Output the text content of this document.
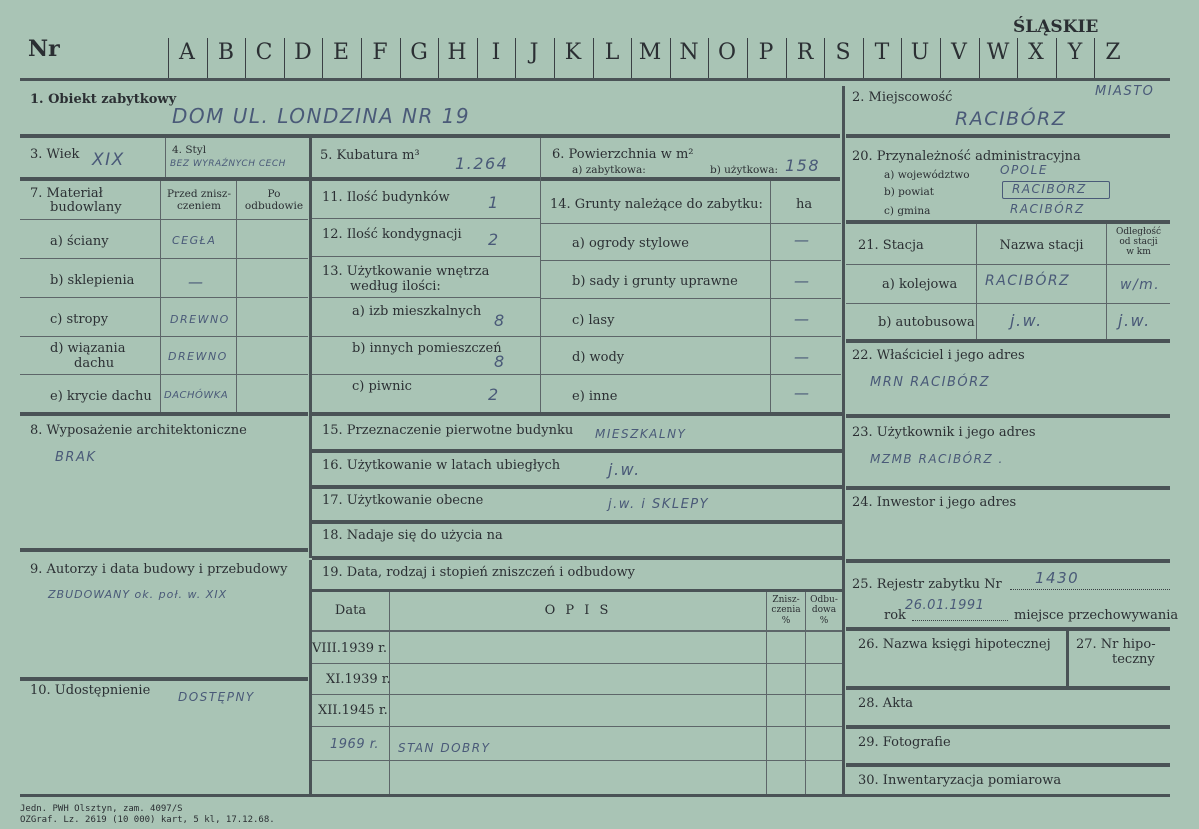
Nr
ŚLĄSKIE
A	B C D E	F	G H	I	J	K	L M N O	P	R	S	T U V W X	Y	Z
1. Obiekt zabytkowy
DOM UL. LONDZINA NR 19
2. Miejscowość	MIASTO
RACIBÓRZ
3. Wiek XIX	4. Styl
BEZ WYRAŹNYCH CECH
5. Kubatura m³ 1.264	6. Powierzchnia w m²
a) zabytkowa:	b) użytkowa: 158 20. Przynależność administracyjna
a) województwo	OPOLE
b) powiat	RACIBÓRZ
c) gmina	RACIBÓRZ
7. Materiał
budowlany
Przed znisz-
czeniem
Po
odbudowie
a) ściany	CEGŁA
b) sklepienia	—
c) stropy	DREWNO
d) wiązania
dachu	DREWNO
e) krycie dachu DACHÓWKA
11. Ilość budynków 1
12. Ilość kondygnacji 2
13. Użytkowanie wnętrza
według ilości:
a) izb mieszkalnych 8
b) innych pomieszczeń
8
c) piwnic	2
14. Grunty należące do zabytku:	ha
a) ogrody stylowe	—
b) sady i grunty uprawne	—
c) lasy	—
d) wody	—
e) inne	—
21. Stacja	Nazwa stacji
Odległość
od stacji
w km
a) kolejowa RACIBÓRZ	w/m.
b) autobusowa j.w.	j.w.
22. Właściciel i jego adres
MRN RACIBÓRZ
8. Wyposażenie architektoniczne
BRAK
15. Przeznaczenie pierwotne budynku MIESZKALNY
16. Użytkowanie w latach ubiegłych	j.w.
17. Użytkowanie obecne	j.w. i SKLEPY
18. Nadaje się do użycia na
23. Użytkownik i jego adres
MZMB RACIBÓRZ .
24. Inwestor i jego adres
9. Autorzy i data budowy i przebudowy
ZBUDOWANY ok. poł. w. XIX
19. Data, rodzaj i stopień zniszczeń i odbudowy
Data	O P I S
Znisz-
czenia
%
Odbu-
dowa
%
VIII.1939 r.
XI.1939 r.
XII.1945 r.
1969 r. STAN DOBRY
25. Rejestr zabytku Nr 1430
rok
26.01.1991
miejsce przechowywania
26. Nazwa księgi hipotecznej 27. Nr hipo-
teczny
28. Akta
29. Fotografie
30. Inwentaryzacja pomiarowa
10. Udostępnienie DOSTĘPNY
Jedn. PWH Olsztyn, zam. 4097/S
OZGraf. Lz. 2619 (10 000) kart, 5 kl, 17.12.68.
